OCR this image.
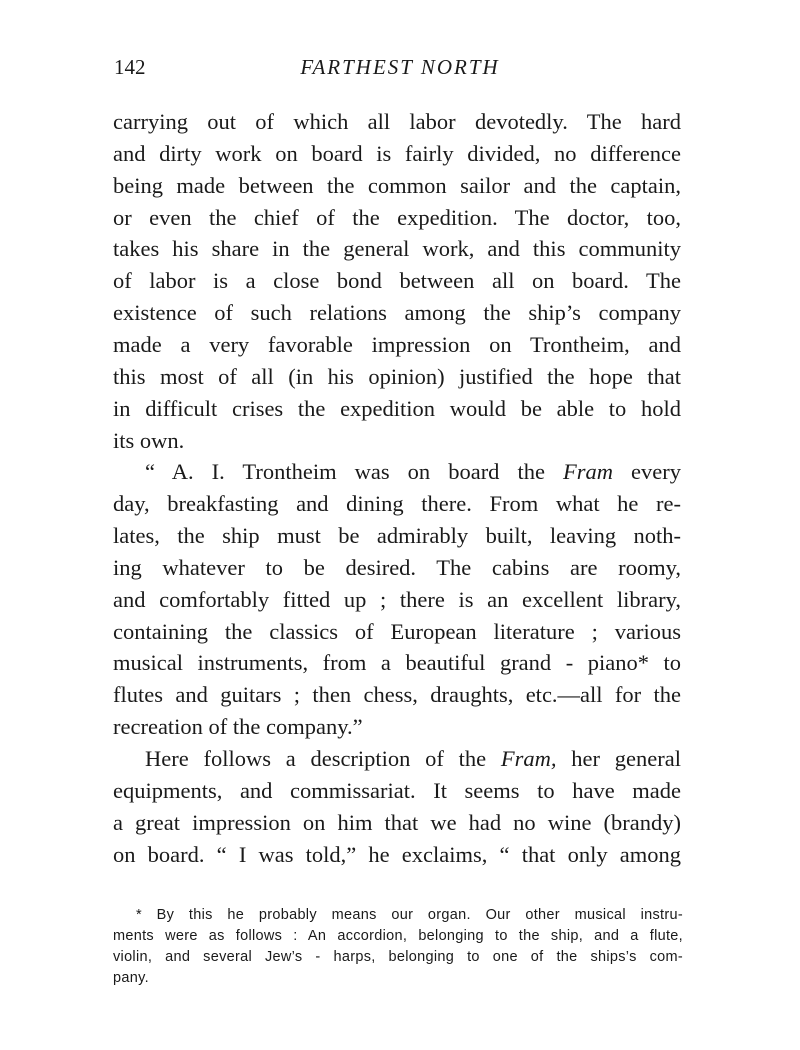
142	FARTHEST NORTH
carrying out of which all labor devotedly. The hard
and dirty work on board is fairly divided, no difference
being made between the common sailor and the captain,
or even the chief of the expedition. The doctor, too,
takes his share in the general work, and this community
of labor is a close bond between all on board. The
existence of such relations among the ship’s company
made a very favorable impression on Trontheim, and
this most of all (in his opinion) justified the hope that
in difficult crises the expedition would be able to hold
its own.
“ A. I. Trontheim was on board the Fram every
day, breakfasting and dining there. From what he re-
lates, the ship must be admirably built, leaving noth-
ing whatever to be desired. The cabins are roomy,
and comfortably fitted up ; there is an excellent library,
containing the classics of European literature ; various
musical instruments, from a beautiful grand - piano* to
flutes and guitars ; then chess, draughts, etc.—all for the
recreation of the company.”
Here follows a description of the Fram, her general
equipments, and commissariat. It seems to have made
a great impression on him that we had no wine (brandy)
on board. “ I was told,” he exclaims, “ that only among
* By this he probably means our organ. Our other musical instru-
ments were as follows : An accordion, belonging to the ship, and a flute,
violin, and several Jew’s - harps, belonging to one of the ships’s com-
pany.
